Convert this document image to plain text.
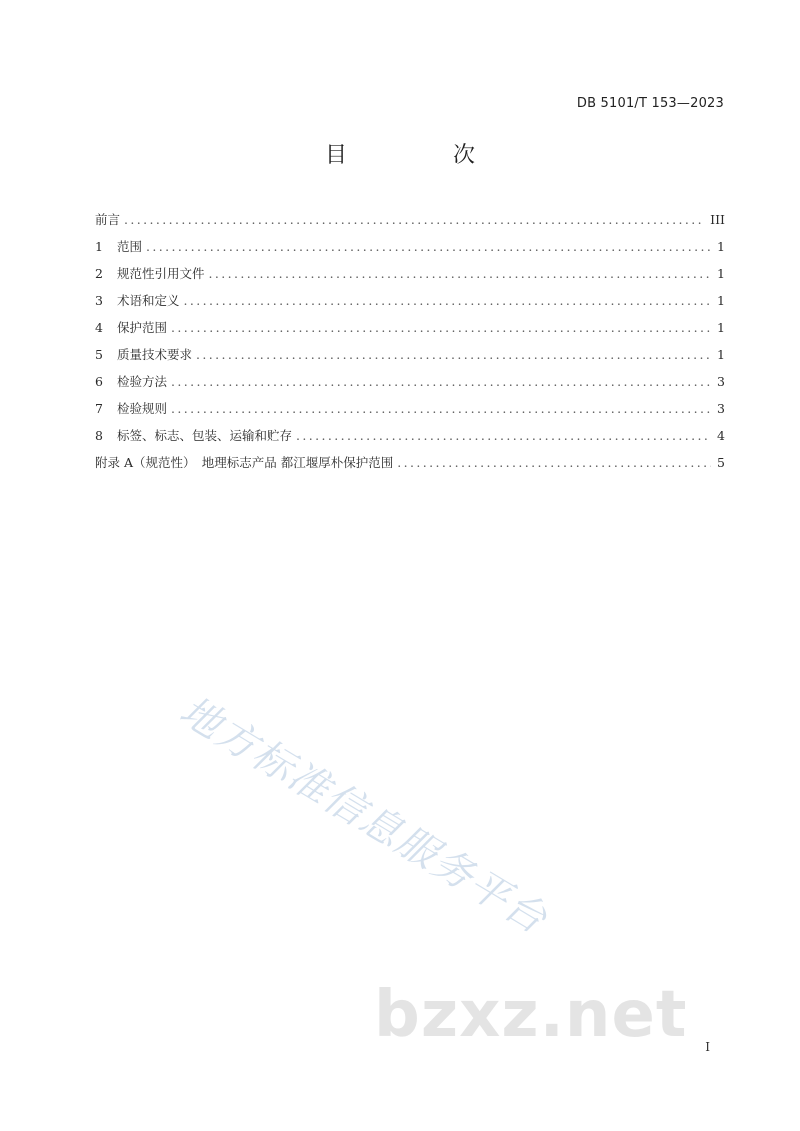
DB 5101/T 153—2023
目　次
前言 .....	III
1 范围 .....	1
2 规范性引用文件 .....	1
3 术语和定义 .....	1
4 保护范围 .....	1
5 质量技术要求 .....	1
6 检验方法 .....	3
7 检验规则 .....	3
8 标签、标志、包装、运输和贮存 .....	4
附录 A（规范性）　地理标志产品 都江堰厚朴保护范围 .....	5
地方标准信息服务平台
bzxz.net I
